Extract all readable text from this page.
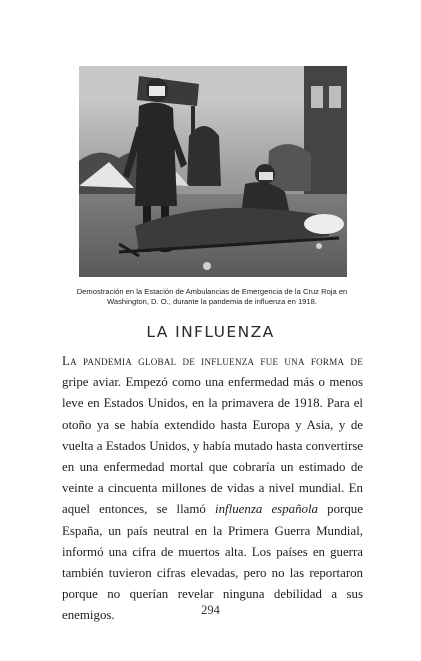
Demostración en la Estación de Ambulancias de Emergencia de la Cruz Roja en Washington, D. O., durante la pandemia de influenza en 1918.
LA INFLUENZA

La pandemia global de influenza fue una forma de gripe aviar. Empezó como una enfermedad más o menos leve en Estados Unidos, en la primavera de 1918. Para el otoño ya se había extendido hasta Europa y Asia, y de vuelta a Estados Unidos, y había mutado hasta convertirse en una enfermedad mortal que cobraría un estimado de veinte a cincuenta millones de vidas a nivel mundial. En aquel entonces, se llamó influenza española porque España, un país neutral en la Primera Guerra Mundial, informó una cifra de muertos alta. Los países en guerra también tuvieron cifras elevadas, pero no las reportaron porque no querían revelar ninguna debilidad a sus enemigos.	294
